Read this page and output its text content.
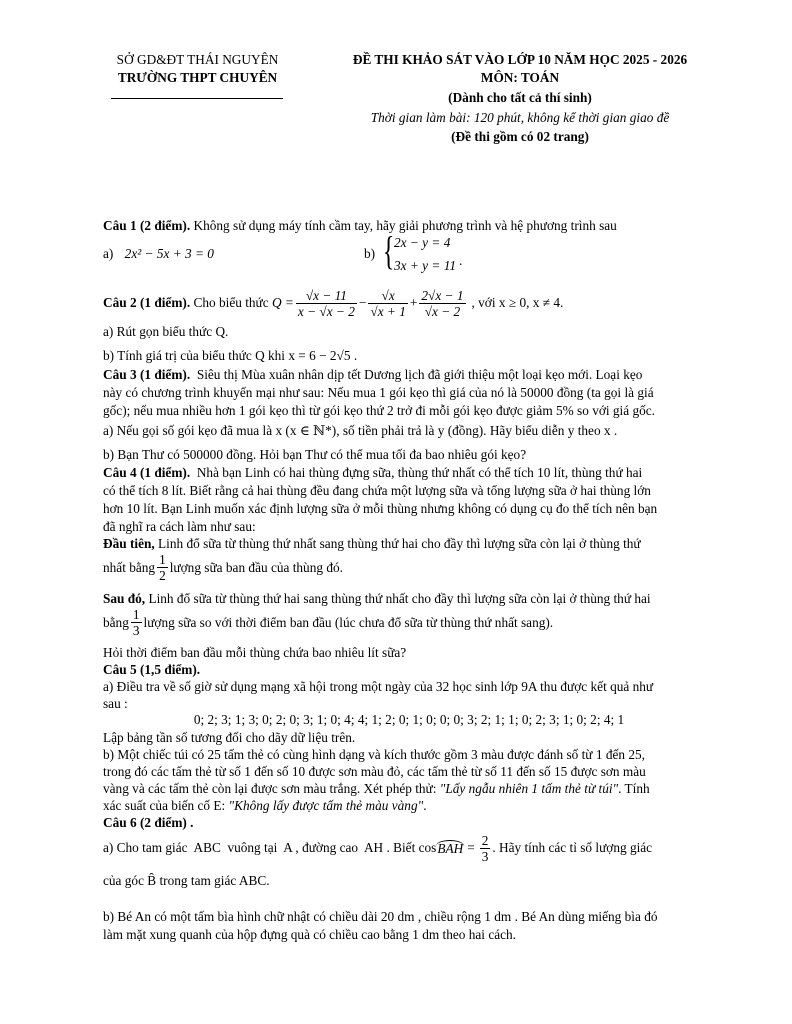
SỞ GD&ĐT THÁI NGUYÊN
TRƯỜNG THPT CHUYÊN
ĐỀ THI KHẢO SÁT VÀO LỚP 10 NĂM HỌC 2025 - 2026
MÔN: TOÁN
(Dành cho tất cả thí sinh)
Thời gian làm bài: 120 phút, không kể thời gian giao đề
(Đề thi gồm có 02 trang)
Câu 1 (2 điểm). Không sử dụng máy tính cầm tay, hãy giải phương trình và hệ phương trình sau
a) 2x² − 5x + 3 = 0	b) { 2x − y = 4
3x + y = 11 .
Câu 2 (1 điểm). Cho biểu thức $Q = \frac{√x - 11}{x - √x - 2} - \frac{√x}{√x + 1} + \frac{2√x - 1}{√x - 2}$ , với x ≥ 0, x ≠ 4.
a) Rút gọn biểu thức Q.
b) Tính giá trị của biểu thức Q khi x = 6 − 2√5 .
Câu 3 (1 điểm).  Siêu thị Mùa xuân nhân dịp tết Dương lịch đã giới thiệu một loại kẹo mới. Loại kẹo
này có chương trình khuyến mại như sau: Nếu mua 1 gói kẹo thì giá của nó là 50000 đồng (ta gọi là giá
gốc); nếu mua nhiều hơn 1 gói kẹo thì từ gói kẹo thứ 2 trở đi mỗi gói kẹo được giảm 5% so với giá gốc.
a) Nếu gọi số gói kẹo đã mua là x (x ∈ ℕ*), số tiền phải trả là y (đồng). Hãy biểu diễn y theo x .
b) Bạn Thư có 500000 đồng. Hỏi bạn Thư có thể mua tối đa bao nhiêu gói kẹo?
Câu 4 (1 điểm).  Nhà bạn Linh có hai thùng đựng sữa, thùng thứ nhất có thể tích 10 lít, thùng thứ hai
có thể tích 8 lít. Biết rằng cả hai thùng đều đang chứa một lượng sữa và tổng lượng sữa ở hai thùng lớn
hơn 10 lít. Bạn Linh muốn xác định lượng sữa ở mỗi thùng nhưng không có dụng cụ đo thể tích nên bạn
đã nghĩ ra cách làm như sau:
Đầu tiên, Linh đổ sữa từ thùng thứ nhất sang thùng thứ hai cho đầy thì lượng sữa còn lại ở thùng thứ
nhất bằng $\frac{1}{2}$ lượng sữa ban đầu của thùng đó.
Sau đó, Linh đổ sữa từ thùng thứ hai sang thùng thứ nhất cho đầy thì lượng sữa còn lại ở thùng thứ hai
bằng $\frac{1}{3}$ lượng sữa so với thời điểm ban đầu (lúc chưa đổ sữa từ thùng thứ nhất sang).
Hỏi thời điểm ban đầu mỗi thùng chứa bao nhiêu lít sữa?
Câu 5 (1,5 điểm).
a) Điều tra về số giờ sử dụng mạng xã hội trong một ngày của 32 học sinh lớp 9A thu được kết quả như
sau :
0; 2; 3; 1; 3; 0; 2; 0; 3; 1; 0; 4; 4; 1; 2; 0; 1; 0; 0; 0; 3; 2; 1; 1; 0; 2; 3; 1; 0; 2; 4; 1
Lập bảng tần số tương đối cho dãy dữ liệu trên.
b) Một chiếc túi có 25 tấm thẻ có cùng hình dạng và kích thước gồm 3 màu được đánh số từ 1 đến 25,
trong đó các tấm thẻ từ số 1 đến số 10 được sơn màu đỏ, các tấm thẻ từ số 11 đến số 15 được sơn màu
vàng và các tấm thẻ còn lại được sơn màu trắng. Xét phép thử: "Lấy ngẫu nhiên 1 tấm thẻ từ túi". Tính
xác suất của biến cố E: "Không lấy được tấm thẻ màu vàng".
Câu 6 (2 điểm) .
a) Cho tam giác  ABC  vuông tại  A , đường cao  AH . Biết cos BAH = $\frac{2}{3}$ . Hãy tính các tỉ số lượng giác
của góc B̂ trong tam giác ABC.
b) Bé An có một tấm bìa hình chữ nhật có chiều dài 20 dm , chiều rộng 1 dm . Bé An dùng miếng bìa đó
làm mặt xung quanh của hộp đựng quà có chiều cao bằng 1 dm theo hai cách.
